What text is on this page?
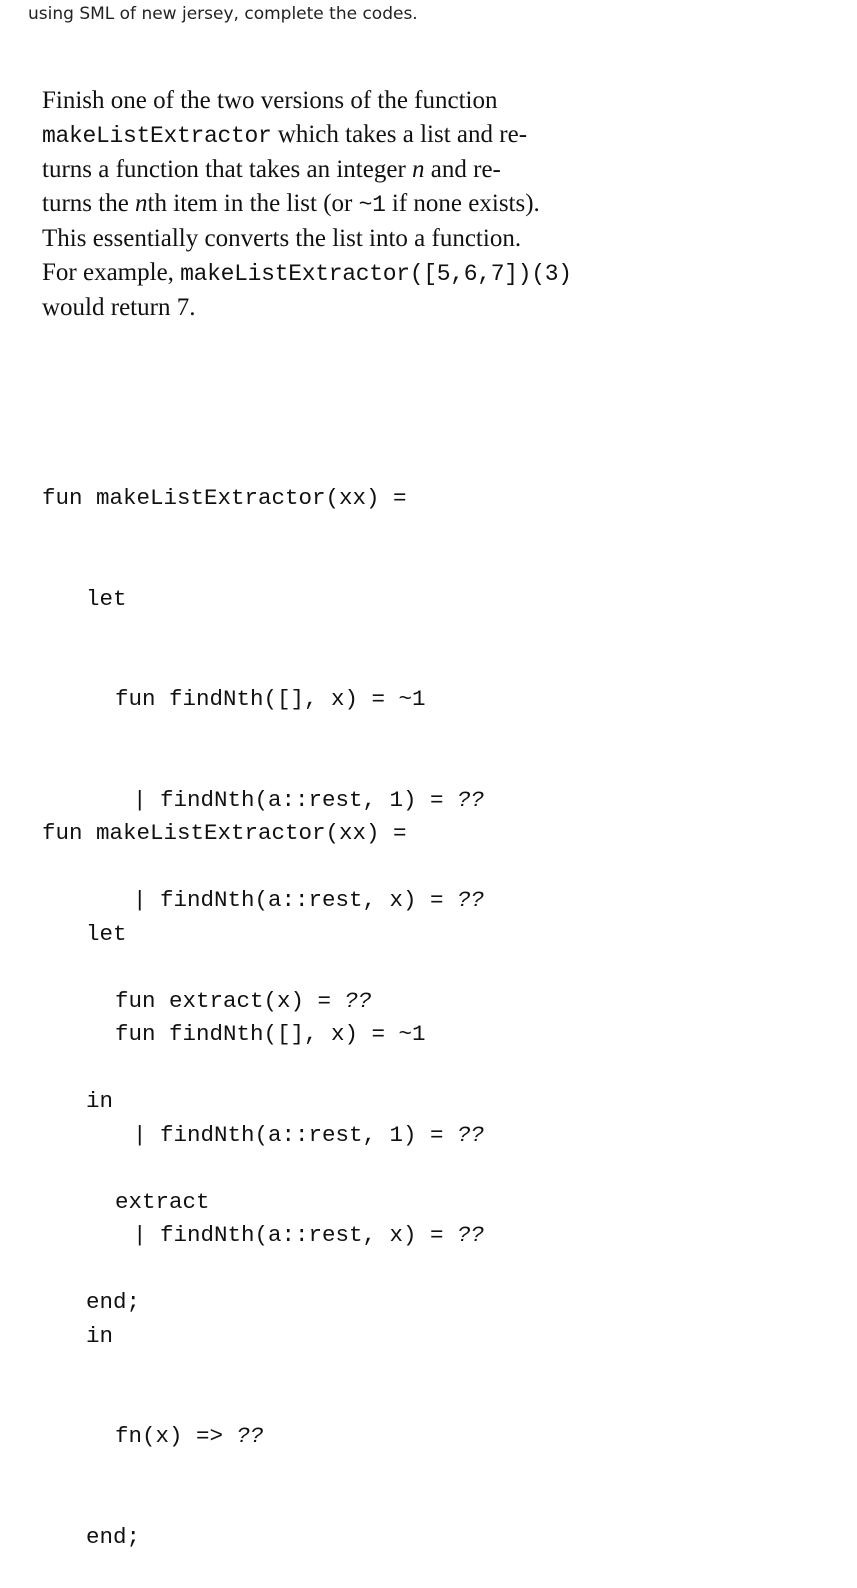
using SML of new jersey, complete the codes.
Finish one of the two versions of the function
makeListExtractor which takes a list and re-
turns a function that takes an integer n and re-
turns the nth item in the list (or ~1 if none exists).
This essentially converts the list into a function.
For example, makeListExtractor([5,6,7])(3)
would return 7.

fun makeListExtractor(xx) =

let

fun findNth([], x) = ~1

| findNth(a::rest, 1) = ??

| findNth(a::rest, x) = ??

fun extract(x) = ??

in

extract

end;

fun makeListExtractor(xx) =

let

fun findNth([], x) = ~1

| findNth(a::rest, 1) = ??

| findNth(a::rest, x) = ??

in

fn(x) => ??

end;
